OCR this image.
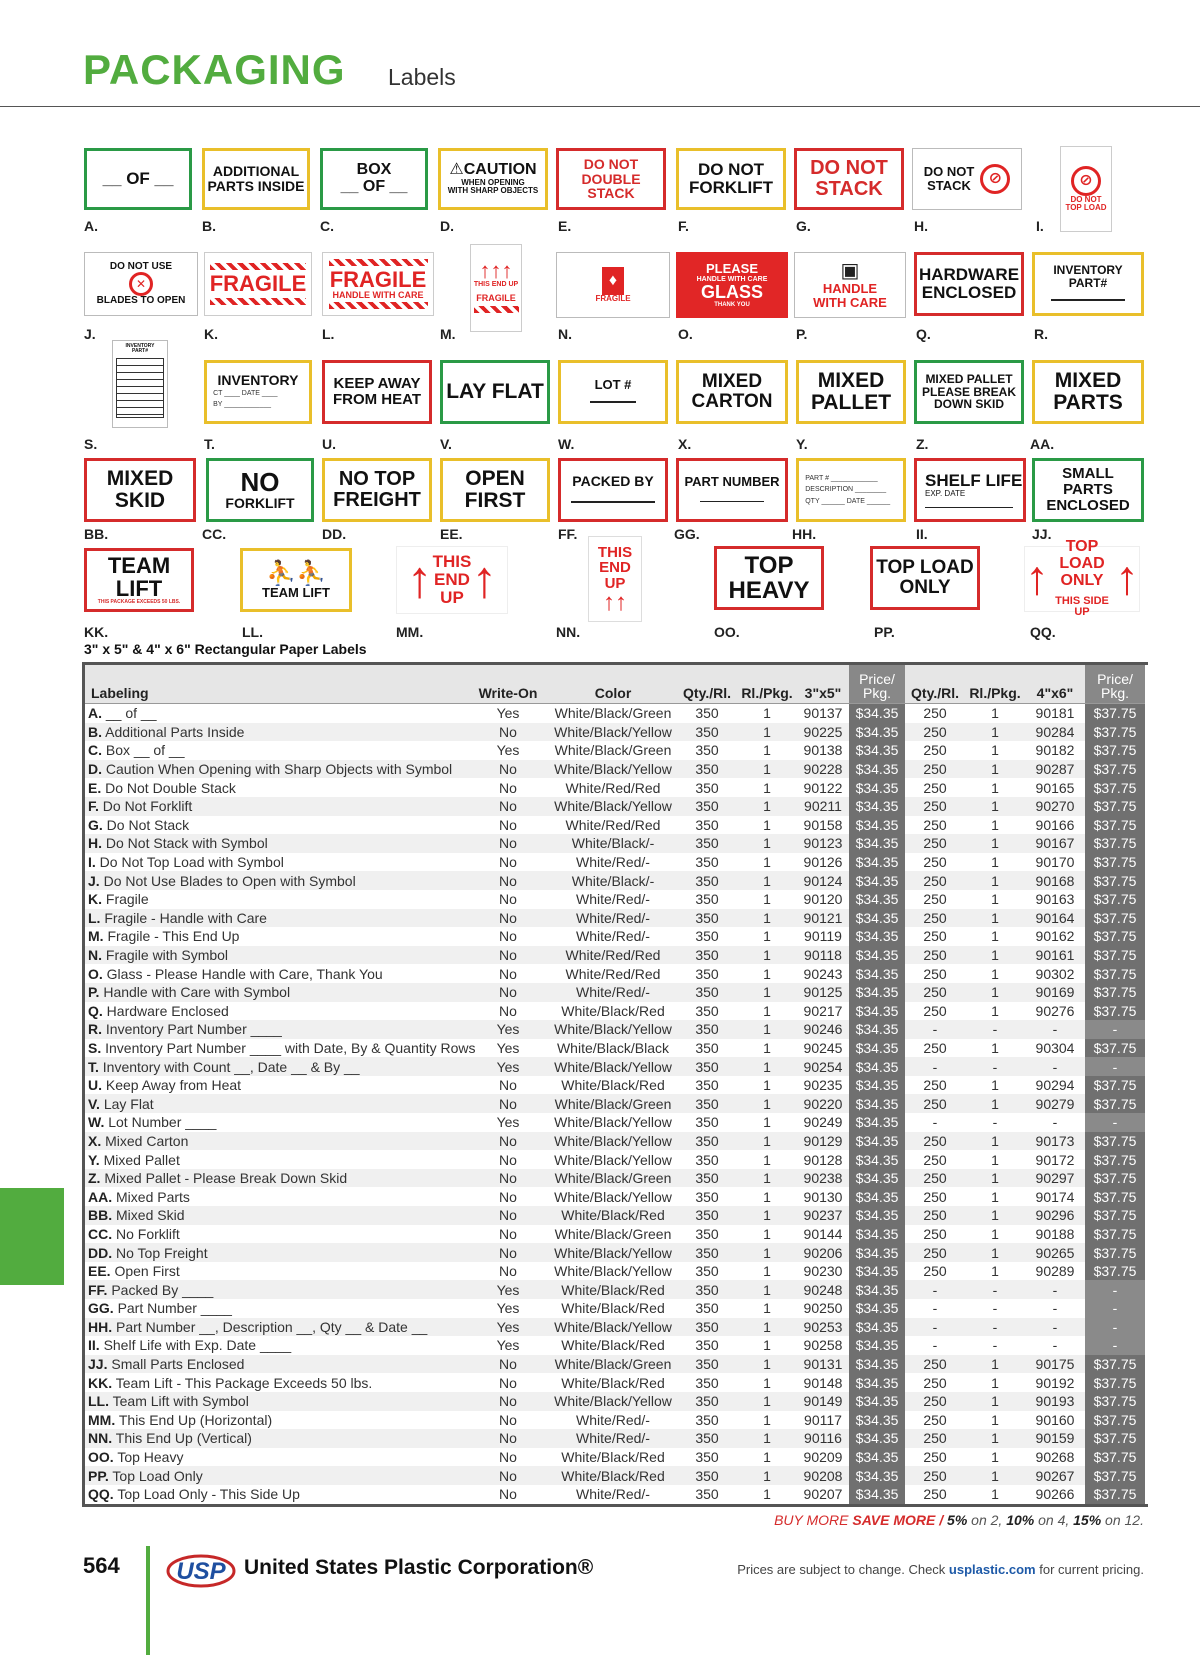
PACKAGING Labels
__ OF __
A.
ADDITIONAL
PARTS INSIDE
B.
BOX
__ OF __
C.
⚠CAUTION
WHEN OPENING
WITH SHARP OBJECTS
D.
DO NOT
DOUBLE
STACK
E.
DO NOT
FORKLIFT
F.
DO NOT
STACK
G.
DO NOT
STACK	⊘
H.
⊘
DO NOT
TOP LOAD
I.
DO NOT USE
✕
BLADES TO OPEN
J.
FRAGILE
K.
FRAGILE
HANDLE WITH CARE
L.
↑↑↑
THIS END UP
FRAGILE
M.
♦
FRAGILE
N.
PLEASE
HANDLE WITH CARE
GLASS
THANK YOU
O.
▣
HANDLE
WITH CARE
P.
HARDWARE
ENCLOSED
Q.
INVENTORY
PART#
R.
INVENTORY
PART#
S.
INVENTORY
CT ____ DATE ____
BY ____________
T.
KEEP AWAY
FROM HEAT
U.
LAY FLAT
V.
LOT #
W.
MIXED
CARTON
X.
MIXED
PALLET
Y.
MIXED PALLET
PLEASE BREAK
DOWN SKID
Z.
MIXED
PARTS
AA.
MIXED
SKID
BB.
NO
FORKLIFT
CC.
NO TOP
FREIGHT
DD.
OPEN
FIRST
EE.
PACKED BY
FF.
PART NUMBER
GG.
PART # ____________
DESCRIPTION ________
QTY ______ DATE ______
HH.
SHELF LIFE
EXP. DATE
II.
SMALL
PARTS
ENCLOSED
JJ.
TEAM
LIFT
THIS PACKAGE EXCEEDS 50 LBS.
KK.
⛹⛹
TEAM LIFT
LL.
↑ THIS
END
UP ↑
MM.
THIS
END
UP
↑↑
NN.
TOP
HEAVY
OO.
TOP LOAD
ONLY
PP.
↑
TOP LOAD
ONLY
THIS SIDE UP
↑
QQ.
3" x 5" & 4" x 6" Rectangular Paper Labels
Labeling	Write-On	Color	Qty./Rl.	Rl./Pkg.	3"x5"	Price/
Pkg.	Qty./Rl.	Rl./Pkg.	4"x6"	Price/
Pkg.
A. __ of __	Yes	White/Black/Green	350	1	90137	$34.35	250	1	90181	$37.75
B. Additional Parts Inside	No	White/Black/Yellow	350	1	90225	$34.35	250	1	90284	$37.75
C. Box __ of __	Yes	White/Black/Green	350	1	90138	$34.35	250	1	90182	$37.75
D. Caution When Opening with Sharp Objects with Symbol	No	White/Black/Yellow	350	1	90228	$34.35	250	1	90287	$37.75
E. Do Not Double Stack	No	White/Red/Red	350	1	90122	$34.35	250	1	90165	$37.75
F. Do Not Forklift	No	White/Black/Yellow	350	1	90211	$34.35	250	1	90270	$37.75
G. Do Not Stack	No	White/Red/Red	350	1	90158	$34.35	250	1	90166	$37.75
H. Do Not Stack with Symbol	No	White/Black/-	350	1	90123	$34.35	250	1	90167	$37.75
I. Do Not Top Load with Symbol	No	White/Red/-	350	1	90126	$34.35	250	1	90170	$37.75
J. Do Not Use Blades to Open with Symbol	No	White/Black/-	350	1	90124	$34.35	250	1	90168	$37.75
K. Fragile	No	White/Red/-	350	1	90120	$34.35	250	1	90163	$37.75
L. Fragile - Handle with Care	No	White/Red/-	350	1	90121	$34.35	250	1	90164	$37.75
M. Fragile - This End Up	No	White/Red/-	350	1	90119	$34.35	250	1	90162	$37.75
N. Fragile with Symbol	No	White/Red/Red	350	1	90118	$34.35	250	1	90161	$37.75
O. Glass - Please Handle with Care, Thank You	No	White/Red/Red	350	1	90243	$34.35	250	1	90302	$37.75
P. Handle with Care with Symbol	No	White/Red/-	350	1	90125	$34.35	250	1	90169	$37.75
Q. Hardware Enclosed	No	White/Black/Red	350	1	90217	$34.35	250	1	90276	$37.75
R. Inventory Part Number ____	Yes	White/Black/Yellow	350	1	90246	$34.35	-	-	-	-
S. Inventory Part Number ____ with Date, By & Quantity Rows	Yes	White/Black/Black	350	1	90245	$34.35	250	1	90304	$37.75
T. Inventory with Count __, Date __ & By __	Yes	White/Black/Yellow	350	1	90254	$34.35	-	-	-	-
U. Keep Away from Heat	No	White/Black/Red	350	1	90235	$34.35	250	1	90294	$37.75
V. Lay Flat	No	White/Black/Green	350	1	90220	$34.35	250	1	90279	$37.75
W. Lot Number ____	Yes	White/Black/Yellow	350	1	90249	$34.35	-	-	-	-
X. Mixed Carton	No	White/Black/Yellow	350	1	90129	$34.35	250	1	90173	$37.75
Y. Mixed Pallet	No	White/Black/Yellow	350	1	90128	$34.35	250	1	90172	$37.75
Z. Mixed Pallet - Please Break Down Skid	No	White/Black/Green	350	1	90238	$34.35	250	1	90297	$37.75
AA. Mixed Parts	No	White/Black/Yellow	350	1	90130	$34.35	250	1	90174	$37.75
BB. Mixed Skid	No	White/Black/Red	350	1	90237	$34.35	250	1	90296	$37.75
CC. No Forklift	No	White/Black/Green	350	1	90144	$34.35	250	1	90188	$37.75
DD. No Top Freight	No	White/Black/Yellow	350	1	90206	$34.35	250	1	90265	$37.75
EE. Open First	No	White/Black/Yellow	350	1	90230	$34.35	250	1	90289	$37.75
FF. Packed By ____	Yes	White/Black/Red	350	1	90248	$34.35	-	-	-	-
GG. Part Number ____	Yes	White/Black/Red	350	1	90250	$34.35	-	-	-	-
HH. Part Number __, Description __, Qty __ & Date __	Yes	White/Black/Yellow	350	1	90253	$34.35	-	-	-	-
II. Shelf Life with Exp. Date ____	Yes	White/Black/Red	350	1	90258	$34.35	-	-	-	-
JJ. Small Parts Enclosed	No	White/Black/Green	350	1	90131	$34.35	250	1	90175	$37.75
KK. Team Lift - This Package Exceeds 50 lbs.	No	White/Black/Red	350	1	90148	$34.35	250	1	90192	$37.75
LL. Team Lift with Symbol	No	White/Black/Yellow	350	1	90149	$34.35	250	1	90193	$37.75
MM. This End Up (Horizontal)	No	White/Red/-	350	1	90117	$34.35	250	1	90160	$37.75
NN. This End Up (Vertical)	No	White/Red/-	350	1	90116	$34.35	250	1	90159	$37.75
OO. Top Heavy	No	White/Black/Red	350	1	90209	$34.35	250	1	90268	$37.75
PP. Top Load Only	No	White/Black/Red	350	1	90208	$34.35	250	1	90267	$37.75
QQ. Top Load Only - This Side Up	No	White/Red/-	350	1	90207	$34.35	250	1	90266	$37.75
BUY MORE SAVE MORE / 5% on 2, 10% on 4, 15% on 12.
564 USP United States Plastic Corporation®	Prices are subject to change. Check usplastic.com for current pricing.
